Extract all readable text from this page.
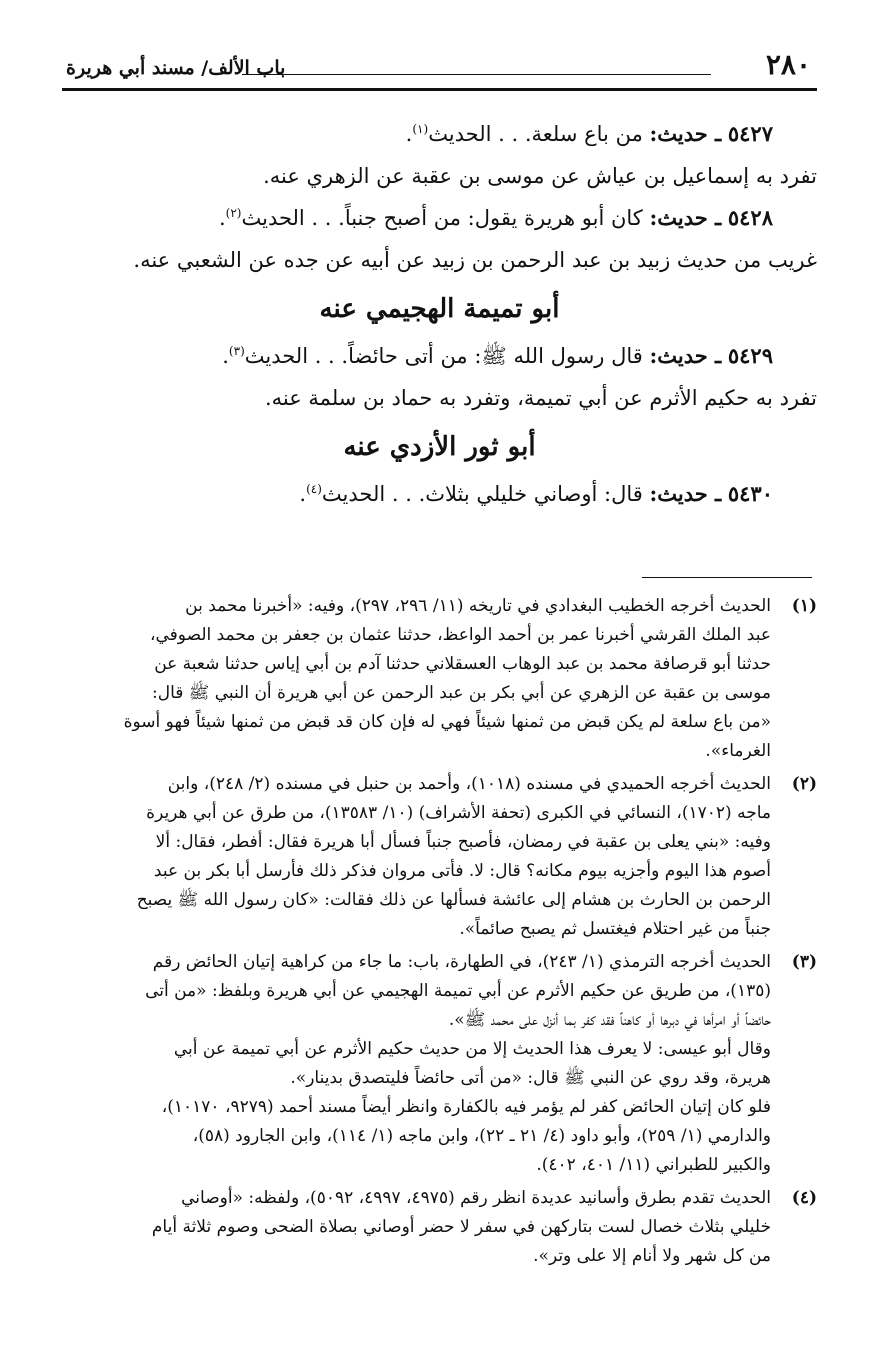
٢٨٠
باب الألف/ مسند أبي هريرة

٥٤٢٧ ـ حديث: من باع سلعة. . . الحديث$^{(١)}$.

تفرد به إسماعيل بن عياش عن موسى بن عقبة عن الزهري عنه.

٥٤٢٨ ـ حديث: كان أبو هريرة يقول: من أصبح جنباً. . . الحديث$^{(٢)}$.

غريب من حديث زبيد بن عبد الرحمن بن زبيد عن أبيه عن جده عن الشعبي عنه.

أبو تميمة الهجيمي عنه

٥٤٢٩ ـ حديث: قال رسول الله ﷺ: من أتى حائضاً. . . الحديث$^{(٣)}$.

تفرد به حكيم الأثرم عن أبي تميمة، وتفرد به حماد بن سلمة عنه.

أبو ثور الأزدي عنه

٥٤٣٠ ـ حديث: قال: أوصاني خليلي بثلاث. . . الحديث$^{(٤)}$.

(١)

الحديث أخرجه الخطيب البغدادي في تاريخه (١١/ ٢٩٦، ٢٩٧)، وفيه: «أخبرنا محمد بن

عبد الملك القرشي أخبرنا عمر بن أحمد الواعظ، حدثنا عثمان بن جعفر بن محمد الصوفي،

حدثنا أبو قرصافة محمد بن عبد الوهاب العسقلاني حدثنا آدم بن أبي إياس حدثنا شعبة عن

موسى بن عقبة عن الزهري عن أبي بكر بن عبد الرحمن عن أبي هريرة أن النبي ﷺ قال:

«من باع سلعة لم يكن قبض من ثمنها شيئاً فهي له فإن كان قد قبض من ثمنها شيئاً فهو أسوة

الغرماء».

(٢)

الحديث أخرجه الحميدي في مسنده (١٠١٨)، وأحمد بن حنبل في مسنده (٢/ ٢٤٨)، وابن

ماجه (١٧٠٢)، النسائي في الكبرى (تحفة الأشراف) (١٠/ ١٣٥٨٣)، من طرق عن أبي هريرة

وفيه: «بني يعلى بن عقبة في رمضان، فأصبح جنباً فسأل أبا هريرة فقال: أفطر، فقال: ألا

أصوم هذا اليوم وأجزيه بيوم مكانه؟ قال: لا. فأتى مروان فذكر ذلك فأرسل أبا بكر بن عبد

الرحمن بن الحارث بن هشام إلى عائشة فسألها عن ذلك فقالت: «كان رسول الله ﷺ يصبح

جنباً من غير احتلام فيغتسل ثم يصبح صائماً».

(٣)

الحديث أخرجه الترمذي (١/ ٢٤٣)، في الطهارة، باب: ما جاء من كراهية إتيان الحائض رقم

(١٣٥)، من طريق عن حكيم الأثرم عن أبي تميمة الهجيمي عن أبي هريرة وبلفظ: «من أتى

حائضاً أو امرأها في دبرها أو كاهناً فقد كفر بما أنزل على محمد ﷺ».

وقال أبو عيسى: لا يعرف هذا الحديث إلا من حديث حكيم الأثرم عن أبي تميمة عن أبي

هريرة، وقد روي عن النبي ﷺ قال: «من أتى حائضاً فليتصدق بدينار».

فلو كان إتيان الحائض كفر لم يؤمر فيه بالكفارة وانظر أيضاً مسند أحمد (٩٢٧٩، ١٠١٧٠)،

والدارمي (١/ ٢٥٩)، وأبو داود (٤/ ٢١ ـ ٢٢)، وابن ماجه (١/ ١١٤)، وابن الجارود (٥٨)،

والكبير للطبراني (١١/ ٤٠١، ٤٠٢).

(٤)

الحديث تقدم بطرق وأسانيد عديدة انظر رقم (٤٩٧٥، ٤٩٩٧، ٥٠٩٢)، ولفظه: «أوصاني

خليلي بثلاث خصال لست بتاركهن في سفر لا حضر أوصاني بصلاة الضحى وصوم ثلاثة أيام

من كل شهر ولا أنام إلا على وتر».
